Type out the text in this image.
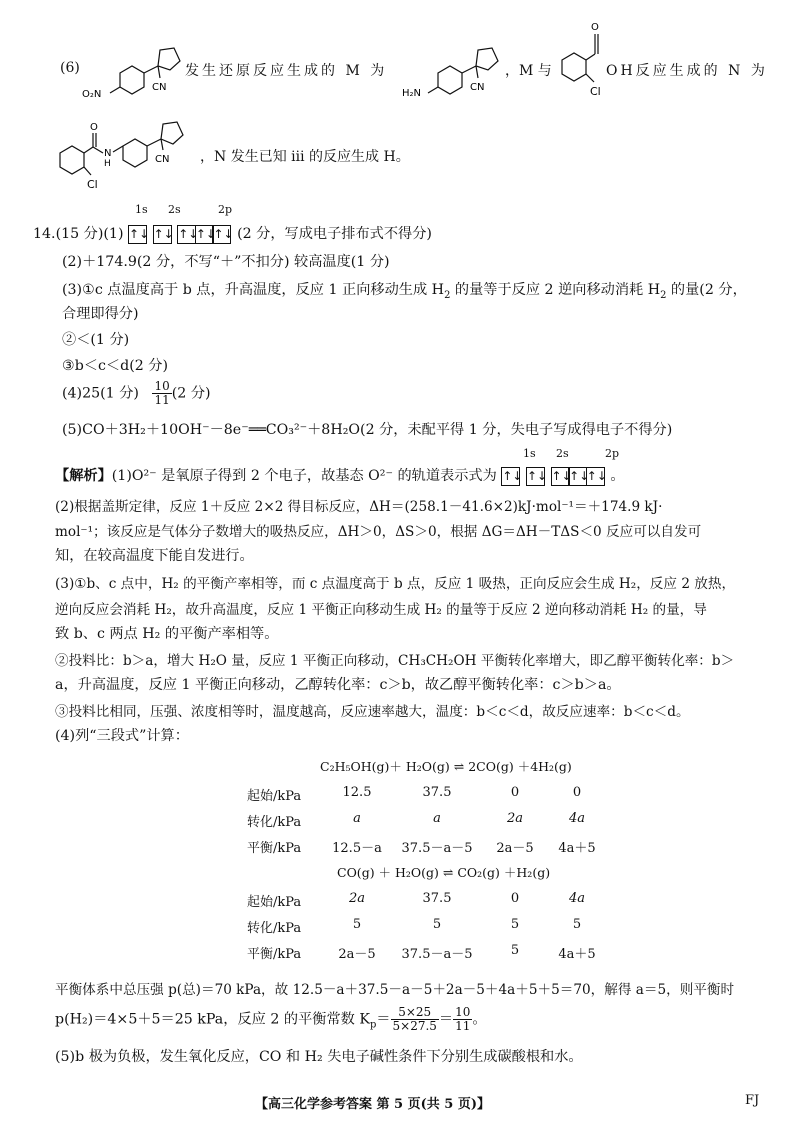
(6)
CN
O₂N
发生还原反应生成的 M 为
CN
H₂N
，M 与
O
Cl
OH反应生成的 N 为
O
N
H	CN
Cl
，N 发生已知 ⅲ 的反应生成 H。
1s 2s	2p
14.(15 分)(1) ↑↓ ↑↓ ↑↓↑↓↑↓ (2 分，写成电子排布式不得分)
(2)＋174.9(2 分，不写“＋”不扣分) 较高温度(1 分)
(3)①c 点温度高于 b 点，升高温度，反应 1 正向移动生成 $H_2$ 的量等于反应 2 逆向移动消耗 $H_2$ 的量(2 分，
合理即得分)
②＜(1 分)
③b＜c＜d(2 分)
(4)25(1 分) $\frac{10}{11} (2$ 分)
(5)CO＋3H₂＋10OH⁻－8e⁻══CO₃²⁻＋8H₂O(2 分，未配平得 1 分，失电子写成得电子不得分)
1s 2s	2p
【解析】(1)O²⁻ 是氧原子得到 2 个电子，故基态 O²⁻ 的轨道表示式为 ↑↓ ↑↓ ↑↓↑↓↑↓ 。
(2)根据盖斯定律，反应 1＋反应 2×2 得目标反应，ΔH＝(258.1－41.6×2)kJ·mol⁻¹＝＋174.9 kJ·
mol⁻¹；该反应是气体分子数增大的吸热反应，ΔH＞0，ΔS＞0，根据 ΔG＝ΔH－TΔS＜0 反应可以自发可
知，在较高温度下能自发进行。
(3)①b、c 点中，H₂ 的平衡产率相等，而 c 点温度高于 b 点，反应 1 吸热，正向反应会生成 H₂，反应 2 放热，
逆向反应会消耗 H₂，故升高温度，反应 1 平衡正向移动生成 H₂ 的量等于反应 2 逆向移动消耗 H₂ 的量，导
致 b、c 两点 H₂ 的平衡产率相等。
②投料比：b＞a，增大 H₂O 量，反应 1 平衡正向移动，CH₃CH₂OH 平衡转化率增大，即乙醇平衡转化率：b＞
a，升高温度，反应 1 平衡正向移动，乙醇转化率：c＞b，故乙醇平衡转化率：c＞b＞a。
③投料比相同，压强、浓度相等时，温度越高，反应速率越大，温度：b＜c＜d，故反应速率：b＜c＜d。
(4)列“三段式”计算：
C₂H₅OH(g)＋ H₂O(g) ⇌ 2CO(g) ＋4H₂(g)
起始/kPa	12.5	37.5	0	0
转化/kPa	a	a	2a	4a
平衡/kPa	12.5－a	37.5－a－5	2a－5	4a＋5
CO(g) ＋ H₂O(g) ⇌ CO₂(g) ＋H₂(g)
起始/kPa	2a	37.5	0	4a
转化/kPa	5	5	5	5
平衡/kPa	2a－5	37.5－a－5	5	4a＋5
平衡体系中总压强 p(总)＝70 kPa，故 12.5－a＋37.5－a－5＋2a－5＋4a＋5＋5＝70，解得 a＝5，则平衡时
p(H₂)＝4×5＋5＝25 kPa，反应 2 的平衡常数 $K_p= \frac{5\times 25}{5\times 27.5} = \frac{10}{11}$ 。
(5)b 极为负极，发生氧化反应，CO 和 H₂ 失电子碱性条件下分别生成碳酸根和水。
【高三化学参考答案 第 5 页(共 5 页)】	FJ
